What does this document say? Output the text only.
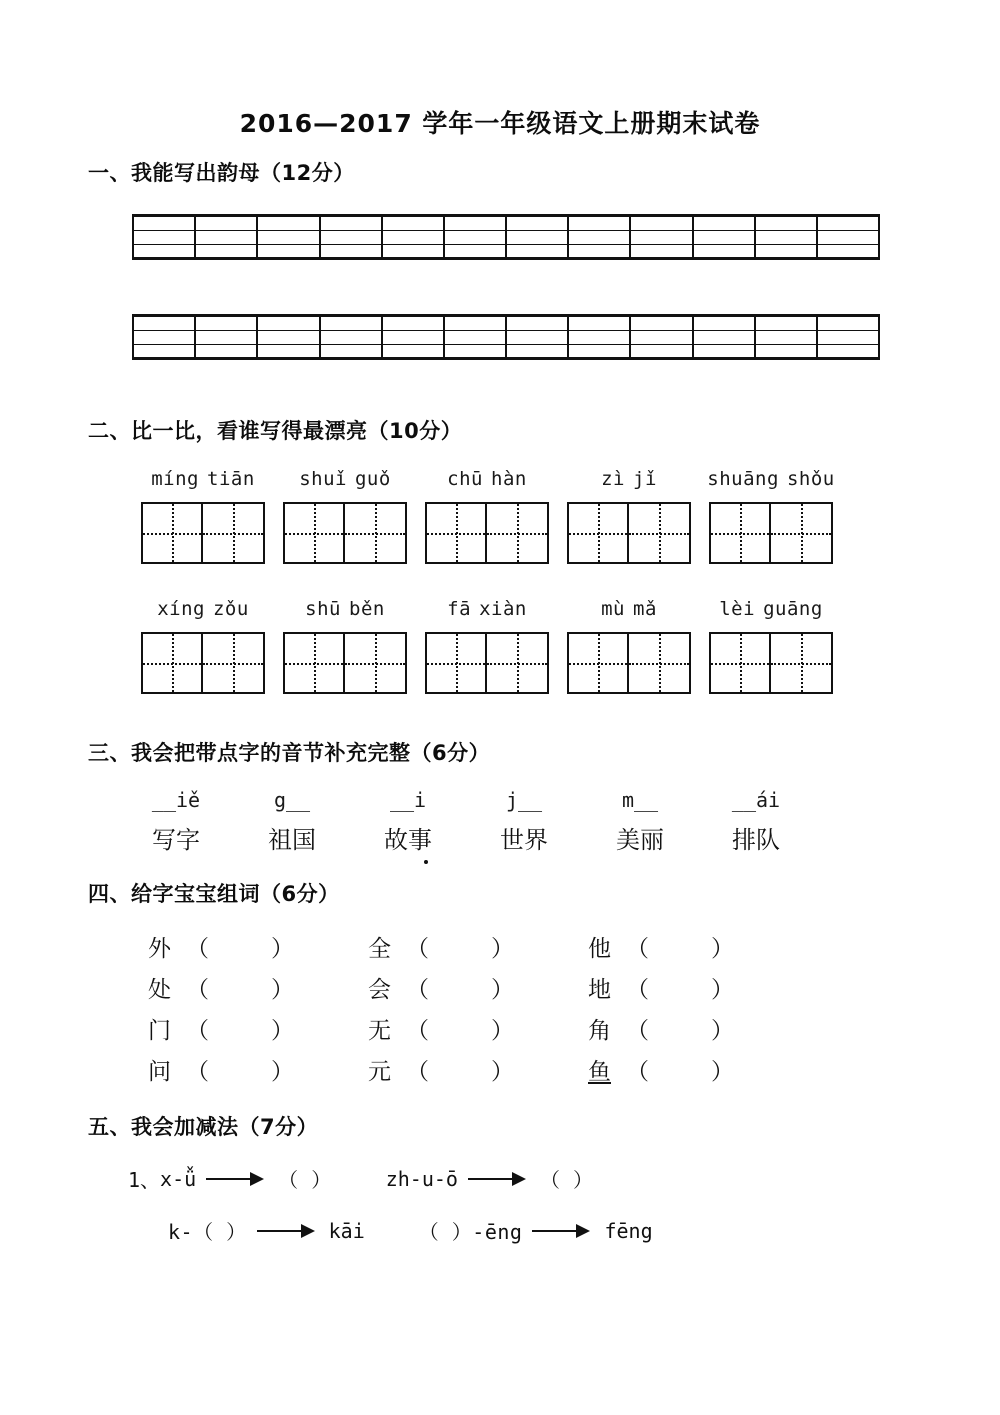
2016—2017 学年一年级语文上册期末试卷
一、我能写出韵母（12分）
二、比一比，看谁写得最漂亮（10分）
míng tiān	shuǐ guǒ	chū hàn	zì jǐ	shuāng shǒu
xíng zǒu	shū běn	fā xiàn	mù mǎ	lèi guāng
三、我会把带点字的音节补充完整（6分）
__iě	g__	__i	j__	m__	__ái
写字	祖国	故事	世界	美丽	排队
四、给字宝宝组词（6分）
外 （	）	全 （	）	他 （	）
处 （	）	会 （	）	地 （	）
门 （	）	无 （	）	角 （	）
问 （	）	元 （	）	鱼 （	）
五、我会加减法（7分）
1、 x-ǚ	（ ）	zh-u-ō	（ ）
k-（ ）	kāi	（ ）-ēng	fēng
